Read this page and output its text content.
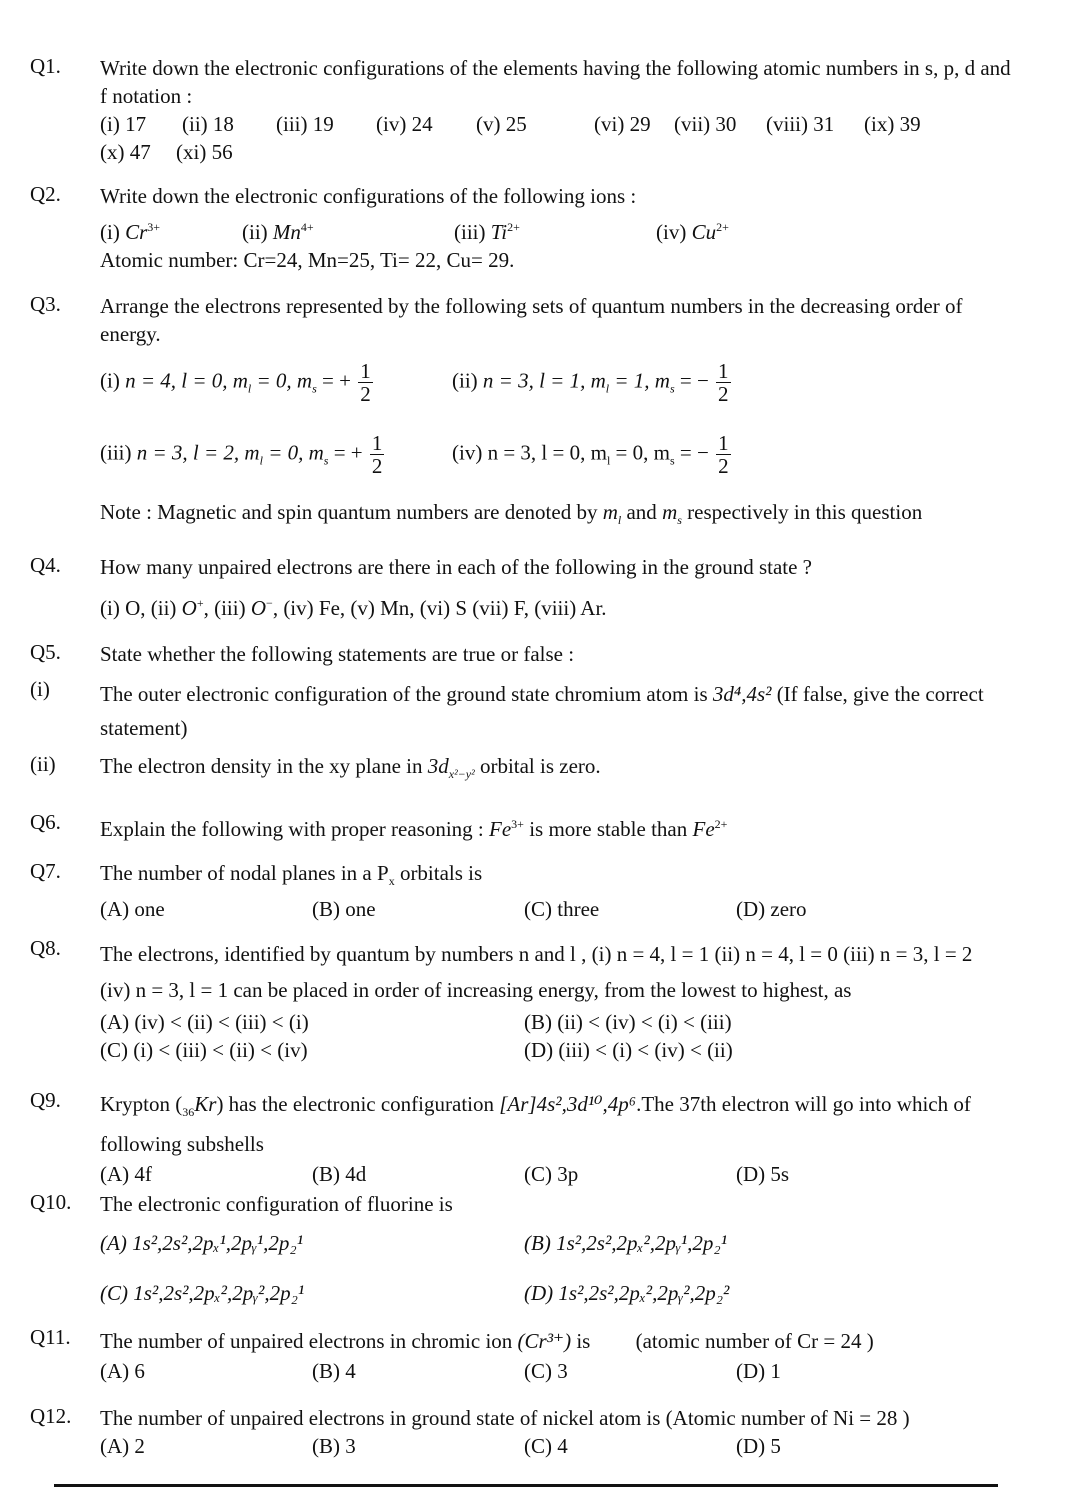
Q1.	Write down the electronic configurations of the elements having the following atomic numbers in s, p, d and f notation :
(i) 17	(ii) 18	(iii) 19	(iv) 24	(v) 25	(vi) 29	(vii) 30	(viii) 31	(ix) 39
(x) 47	(xi) 56
Q2.	Write down the electronic configurations of the following ions :
(i) $Cr^{3+}$	(ii) $Mn^{4+}$	(iii) $Ti^{2+}$	(iv) $Cu^{2+}$
Atomic number: Cr=24, Mn=25, Ti= 22, Cu= 29.
Q3.	Arrange the electrons represented by the following sets of quantum numbers in the decreasing order of energy.
(i) n = 4, l = 0, $m_l = 0$, $m_s$ = + $\frac{1}{2}$	(ii) n = 3, l = 1, $m_l = 1$, $m_s$ = − $\frac{1}{2}$
(iii) n = 3, l = 2, $m_l = 0$, $m_s$ = + $\frac{1}{2}$	(iv) n = 3, l = 0, $m_l = 0$, $m_s$ = − $\frac{1}{2}$
Note : Magnetic and spin quantum numbers are denoted by $m_l$ and $m_s$ respectively in this question
Q4.	How many unpaired electrons are there in each of the following in the ground state ?
(i) O, (ii) O+, (iii) O−, (iv) Fe, (v) Mn, (vi) S (vii) F, (viii) Ar.
Q5.	State whether the following statements are true or false :
(i)	The outer electronic configuration of the ground state chromium atom is 3d⁴,4s² (If false, give the correct statement)
(ii)	The electron density in the xy plane in $3d_{x^2-y^2}$ orbital is zero.
Q6.	Explain the following with proper reasoning : $Fe^{3+}$ is more stable than $Fe^{2+}$
Q7.	The number of nodal planes in a $P_x$ orbitals is
(A) one	(B) one	(C) three	(D) zero
Q8.	The electrons, identified by quantum by numbers n and l , (i) n = 4, l = 1 (ii) n = 4, l = 0 (iii) n = 3, l = 2
(iv) n = 3, l = 1 can be placed in order of increasing energy, from the lowest to highest, as
(A) (iv) < (ii) < (iii) < (i)	(B) (ii) < (iv) < (i) < (iii)
(C) (i) < (iii) < (ii) < (iv)	(D) (iii) < (i) < (iv) < (ii)
Q9.	Krypton $(_{36}Kr)$ has the electronic configuration [Ar]4s²,3d¹⁰,4p⁶.The 37th electron will go into which of following subshells
(A) 4f	(B) 4d	(C) 3p	(D) 5s
Q10.	The electronic configuration of fluorine is
(A) 1s²,2s²,2pₓ¹,2pᵧ¹,2p₂¹	(B) 1s²,2s²,2pₓ²,2pᵧ¹,2p₂¹
(C) 1s²,2s²,2pₓ²,2pᵧ²,2p₂¹	(D) 1s²,2s²,2pₓ²,2pᵧ²,2p₂²
Q11.	The number of unpaired electrons in chromic ion (Cr³⁺) is (atomic number of Cr = 24 )
(A) 6	(B) 4	(C) 3	(D) 1
Q12.	The number of unpaired electrons in ground state of nickel atom is (Atomic number of Ni = 28 )
(A) 2	(B) 3	(C) 4	(D) 5
